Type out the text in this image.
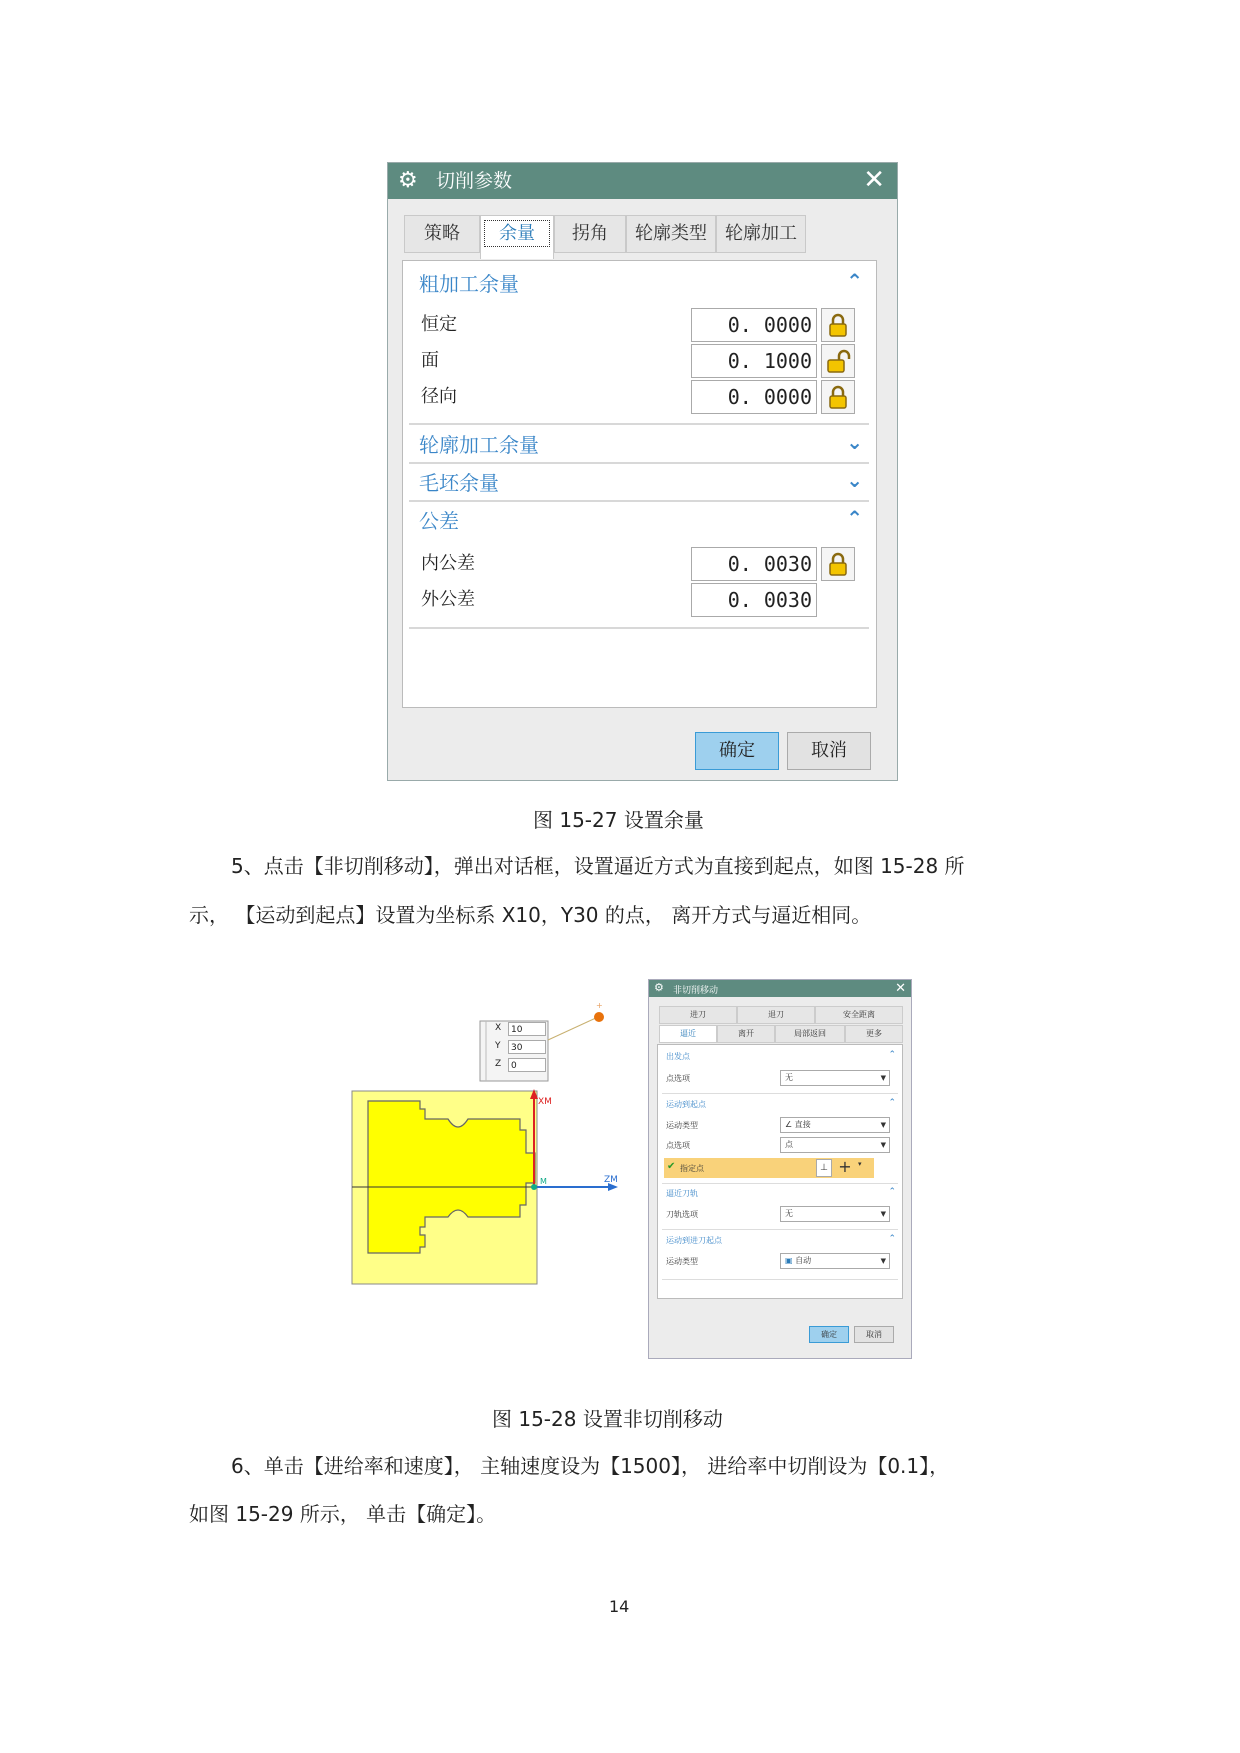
⚙ 切削参数	✕
策略	余量	拐角	轮廓类型	轮廓加工
粗加工余量	⌃
恒定	0. 0000
面	0. 1000
径向	0. 0000
轮廓加工余量	⌄
毛坯余量	⌄
公差	⌃
内公差	0. 0030
外公差	0. 0030
确定	取消
图 15-27 设置余量
5、点击【非切削移动】，弹出对话框，设置逼近方式为直接到起点，如图 15-28 所
示， 【运动到起点】设置为坐标系 X10，Y30 的点， 离开方式与逼近相同。
+
X	10
Y	30
Z	0
XM
ZM
M
⚙ 非切削移动	✕
进刀	退刀	安全距离
逼近	离开	局部返回	更多
出发点	⌃
点选项	无	▼
运动到起点	⌃
运动类型	∠ 直接	▼
点选项	点	▼
✔ 指定点	⊥ + ▾
逼近刀轨	⌃
刀轨选项	无	▼
运动到进刀起点	⌃
运动类型	▣ 自动	▼
确定	取消
图 15-28 设置非切削移动
6、单击【进给率和速度】， 主轴速度设为【1500】， 进给率中切削设为【0.1】，
如图 15-29 所示， 单击【确定】。
14
